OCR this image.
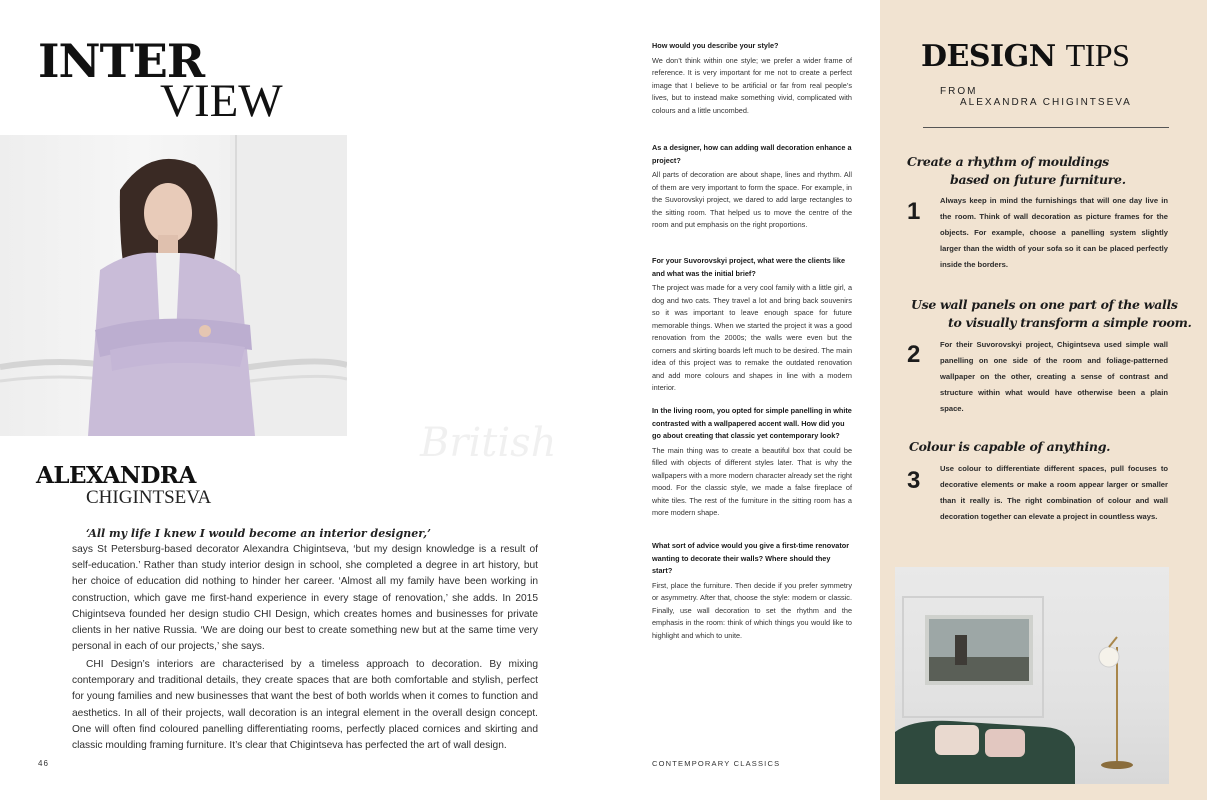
INTER
VIEW
ALEXANDRA
CHIGINTSEVA
‘All my life I knew I would become an interior designer,’
says St Petersburg-based decorator Alexandra Chigintseva, ‘but my design knowledge is a result of self-education.’ Rather than study interior design in school, she completed a degree in art history, but her choice of education did nothing to hinder her career. ‘Almost all my family have been working in construction, which gave me first-hand experience in every stage of renovation,’ she adds. In 2015 Chigintseva founded her design studio CHI Design, which creates homes and businesses for private clients in her native Russia. ‘We are doing our best to create something new but at the same time very personal in each of our projects,’ she says.
CHI Design’s interiors are characterised by a timeless approach to decoration. By mixing contemporary and traditional details, they create spaces that are both comfortable and stylish, perfect for young families and new businesses that want the best of both worlds when it comes to function and aesthetics. In all of their projects, wall decoration is an integral element in the overall design concept. One will often find coloured panelling differentiating rooms, perfectly placed cornices and skirting and classic moulding framing furniture. It’s clear that Chigintseva has perfected the art of wall design.
46

How would you describe your style?

We don’t think within one style; we prefer a wider frame of reference. It is very important for me not to create a perfect image that I believe to be artificial or far from real people’s lives, but to instead make something vivid, complicated with colours and a little uncombed.

As a designer, how can adding wall decoration enhance a project?

All parts of decoration are about shape, lines and rhythm. All of them are very important to form the space. For example, in the Suvorovskyi project, we dared to add large rectangles to the sitting room. That helped us to move the centre of the room and put emphasis on the right proportions.

For your Suvorovskyi project, what were the clients like and what was the initial brief?

The project was made for a very cool family with a little girl, a dog and two cats. They travel a lot and bring back souvenirs so it was important to leave enough space for future memorable things. When we started the project it was a good renovation from the 2000s; the walls were even but the corners and skirting boards left much to be desired. The main idea of this project was to remake the outdated renovation and add more colours and shapes in line with a modern interior.

In the living room, you opted for simple panelling in white contrasted with a wallpapered accent wall. How did you go about creating that classic yet contemporary look?

The main thing was to create a beautiful box that could be filled with objects of different styles later. That is why the wallpapers with a more modern character already set the right mood. For the classic style, we made a false fireplace of white tiles. The rest of the furniture in the sitting room has a more modern shape.

What sort of advice would you give a first-time renovator wanting to decorate their walls? Where should they start?

First, place the furniture. Then decide if you prefer symmetry or asymmetry. After that, choose the style: modern or classic. Finally, use wall decoration to set the rhythm and the emphasis in the room: think of which things you would like to highlight and which to unite.

British
CONTEMPORARY CLASSICS
DESIGN TIPS
FROM
ALEXANDRA CHIGINTSEVA
Create a rhythm of mouldings
based on future furniture.
1	Always keep in mind the furnishings that will one day live in the room. Think of wall decoration as picture frames for the objects. For example, choose a panelling system slightly larger than the width of your sofa so it can be placed perfectly inside the borders.
Use wall panels on one part of the walls
to visually transform a simple room.
2	For their Suvorovskyi project, Chigintseva used simple wall panelling on one side of the room and foliage-patterned wallpaper on the other, creating a sense of contrast and structure within what would have otherwise been a plain space.
Colour is capable of anything.
3	Use colour to differentiate different spaces, pull focuses to decorative elements or make a room appear larger or smaller than it really is. The right combination of colour and wall decoration together can elevate a project in countless ways.
